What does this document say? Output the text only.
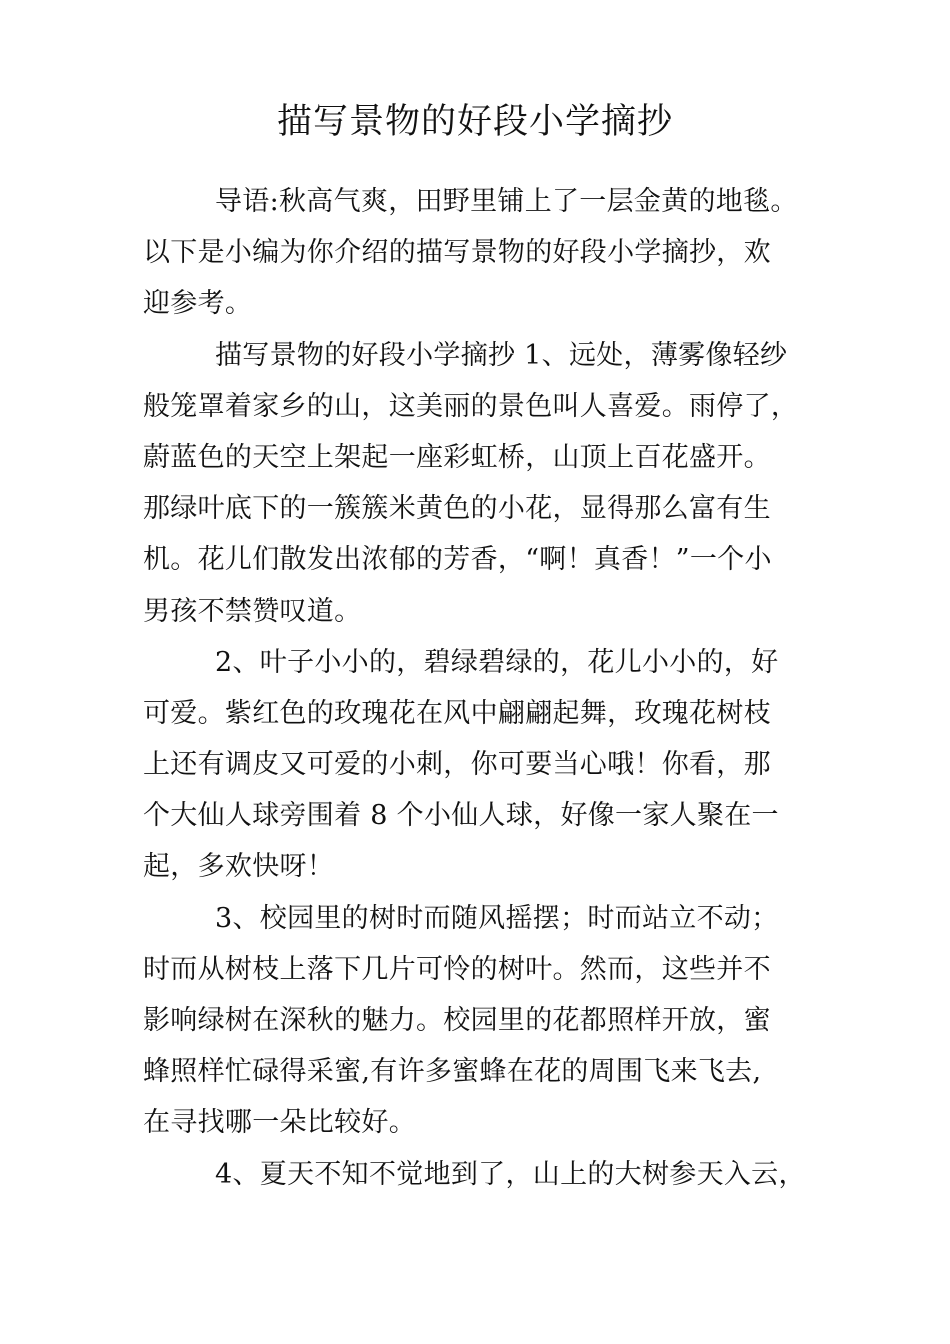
描写景物的好段小学摘抄

导语:秋高气爽，田野里铺上了一层金黄的地毯。
以下是小编为你介绍的描写景物的好段小学摘抄，欢
迎参考。

描写景物的好段小学摘抄 1、远处，薄雾像轻纱
般笼罩着家乡的山，这美丽的景色叫人喜爱。雨停了，
蔚蓝色的天空上架起一座彩虹桥，山顶上百花盛开。
那绿叶底下的一簇簇米黄色的小花，显得那么富有生
机。花儿们散发出浓郁的芳香，“啊！真香！”一个小
男孩不禁赞叹道。

2、叶子小小的，碧绿碧绿的，花儿小小的，好
可爱。紫红色的玫瑰花在风中翩翩起舞，玫瑰花树枝
上还有调皮又可爱的小刺，你可要当心哦！你看，那
个大仙人球旁围着 8 个小仙人球，好像一家人聚在一
起，多欢快呀！

3、校园里的树时而随风摇摆；时而站立不动；
时而从树枝上落下几片可怜的树叶。然而，这些并不
影响绿树在深秋的魅力。校园里的花都照样开放，蜜
蜂照样忙碌得采蜜,有许多蜜蜂在花的周围飞来飞去,
在寻找哪一朵比较好。

4、夏天不知不觉地到了，山上的大树参天入云，
